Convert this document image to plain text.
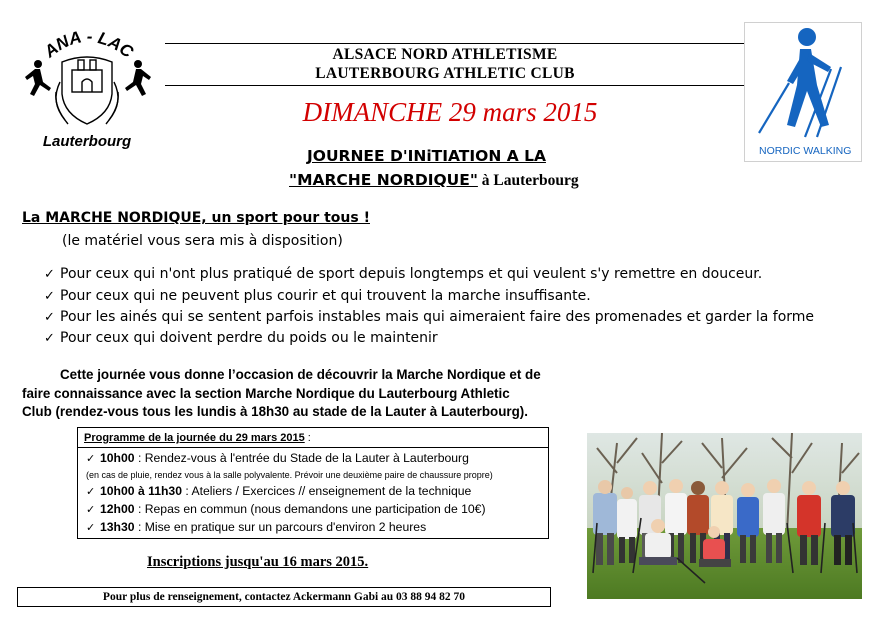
ANA - LAC
Lauterbourg
ALSACE NORD ATHLETISME
LAUTERBOURG ATHLETIC CLUB
DIMANCHE 29 mars 2015
JOURNEE D'INiTIATION A LA
"MARCHE NORDIQUE" à Lauterbourg
NORDIC WALKING
La MARCHE NORDIQUE, un sport pour tous !
(le matériel vous sera mis à disposition)
✓ Pour ceux qui n'ont plus pratiqué de sport depuis longtemps et qui veulent s'y remettre en douceur.
✓ Pour ceux qui ne peuvent plus courir et qui trouvent la marche insuffisante.
✓ Pour les ainés qui se sentent parfois instables mais qui aimeraient faire des promenades et garder la forme
✓ Pour ceux qui doivent perdre du poids ou le maintenir
Cette journée vous donne l’occasion de découvrir la Marche Nordique et de
faire connaissance avec la section Marche Nordique du Lauterbourg Athletic
Club (rendez-vous tous les lundis à 18h30 au stade de la Lauter à Lauterbourg).
Programme de la journée du 29 mars 2015 :
✓ 10h00 : Rendez-vous à l'entrée du Stade de la Lauter à Lauterbourg
(en cas de pluie, rendez vous à la salle polyvalente. Prévoir une deuxième paire de chaussure propre)
✓ 10h00 à 11h30 : Ateliers / Exercices // enseignement de la technique
✓ 12h00 : Repas en commun (nous demandons une participation de 10€)
✓ 13h30 : Mise en pratique sur un parcours d'environ 2 heures
Inscriptions jusqu'au 16 mars 2015.
Pour plus de renseignement, contactez Ackermann Gabi au 03 88 94 82 70
